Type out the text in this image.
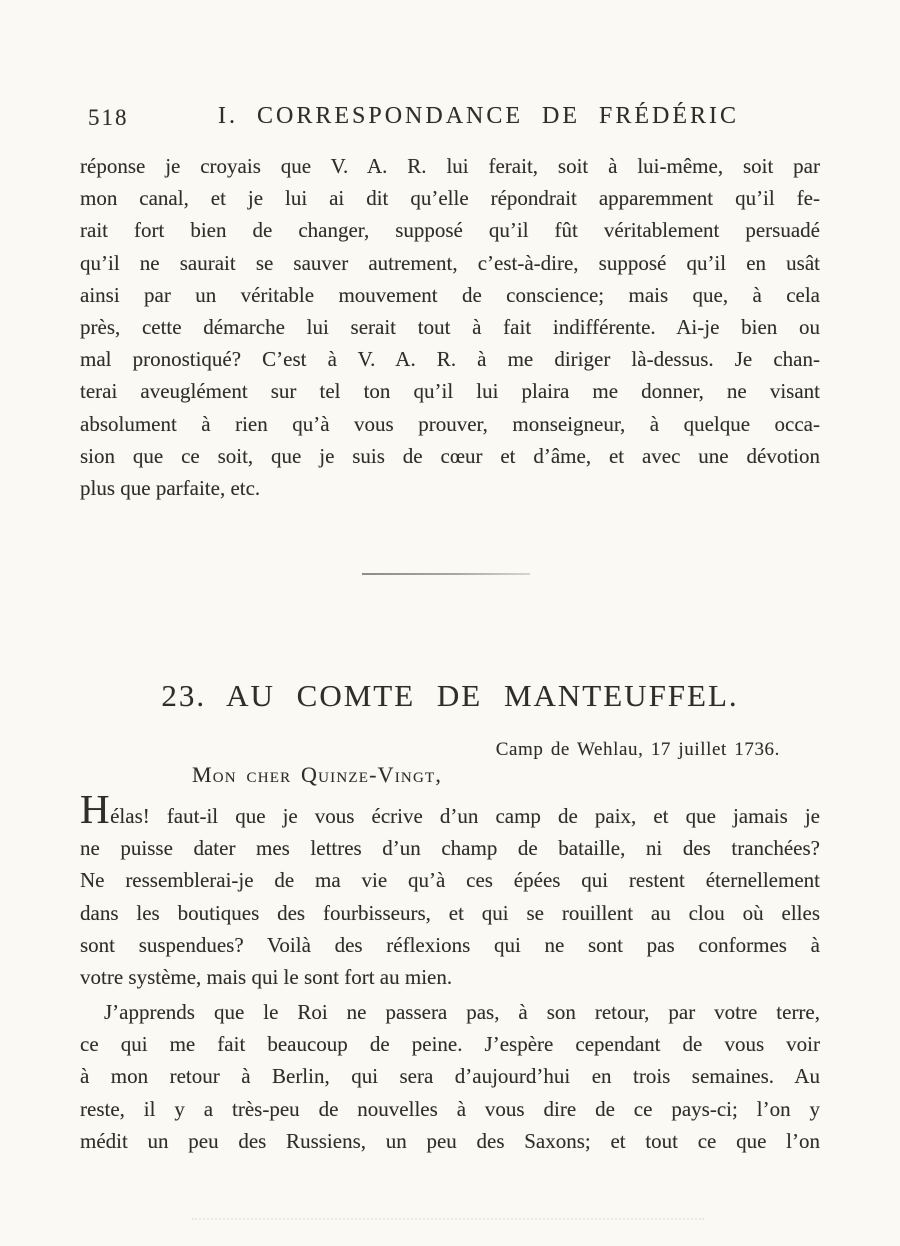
518	I. CORRESPONDANCE DE FRÉDÉRIC
réponse je croyais que V. A. R. lui ferait, soit à lui-même, soit par
mon canal, et je lui ai dit qu’elle répondrait apparemment qu’il fe-
rait fort bien de changer, supposé qu’il fût véritablement persuadé
qu’il ne saurait se sauver autrement, c’est-à-dire, supposé qu’il en usât
ainsi par un véritable mouvement de conscience; mais que, à cela
près, cette démarche lui serait tout à fait indifférente. Ai-je bien ou
mal pronostiqué? C’est à V. A. R. à me diriger là-dessus. Je chan-
terai aveuglément sur tel ton qu’il lui plaira me donner, ne visant
absolument à rien qu’à vous prouver, monseigneur, à quelque occa-
sion que ce soit, que je suis de cœur et d’âme, et avec une dévotion
plus que parfaite, etc.
23. AU COMTE DE MANTEUFFEL.
Camp de Wehlau, 17 juillet 1736.
Mon cher Quinze-Vingt,
Hélas! faut-il que je vous écrive d’un camp de paix, et que jamais je
ne puisse dater mes lettres d’un champ de bataille, ni des tranchées?
Ne ressemblerai-je de ma vie qu’à ces épées qui restent éternellement
dans les boutiques des fourbisseurs, et qui se rouillent au clou où elles
sont suspendues? Voilà des réflexions qui ne sont pas conformes à
votre système, mais qui le sont fort au mien.
J’apprends que le Roi ne passera pas, à son retour, par votre terre,
ce qui me fait beaucoup de peine. J’espère cependant de vous voir
à mon retour à Berlin, qui sera d’aujourd’hui en trois semaines. Au
reste, il y a très-peu de nouvelles à vous dire de ce pays-ci; l’on y
médit un peu des Russiens, un peu des Saxons; et tout ce que l’on
